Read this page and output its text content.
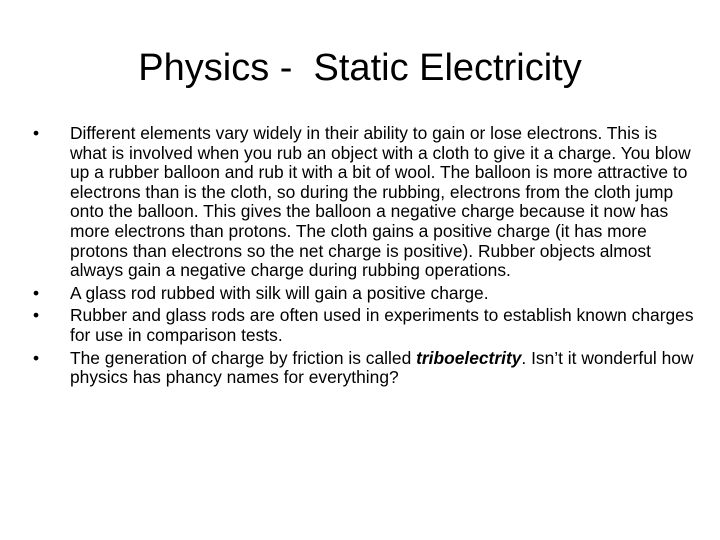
Physics -  Static Electricity
• Different elements vary widely in their ability to gain or lose electrons. This is what is involved when you rub an object with a cloth to give it a charge. You blow up a rubber balloon and rub it with a bit of wool. The balloon is more attractive to electrons than is the cloth, so during the rubbing, electrons from the cloth jump onto the balloon. This gives the balloon a negative charge because it now has more electrons than protons. The cloth gains a positive charge (it has more protons than electrons so the net charge is positive). Rubber objects almost always gain a negative charge during rubbing operations.
• A glass rod rubbed with silk will gain a positive charge.
• Rubber and glass rods are often used in experiments to establish known charges for use in comparison tests.
• The generation of charge by friction is called triboelectrity. Isn’t it wonderful how physics has phancy names for everything?
